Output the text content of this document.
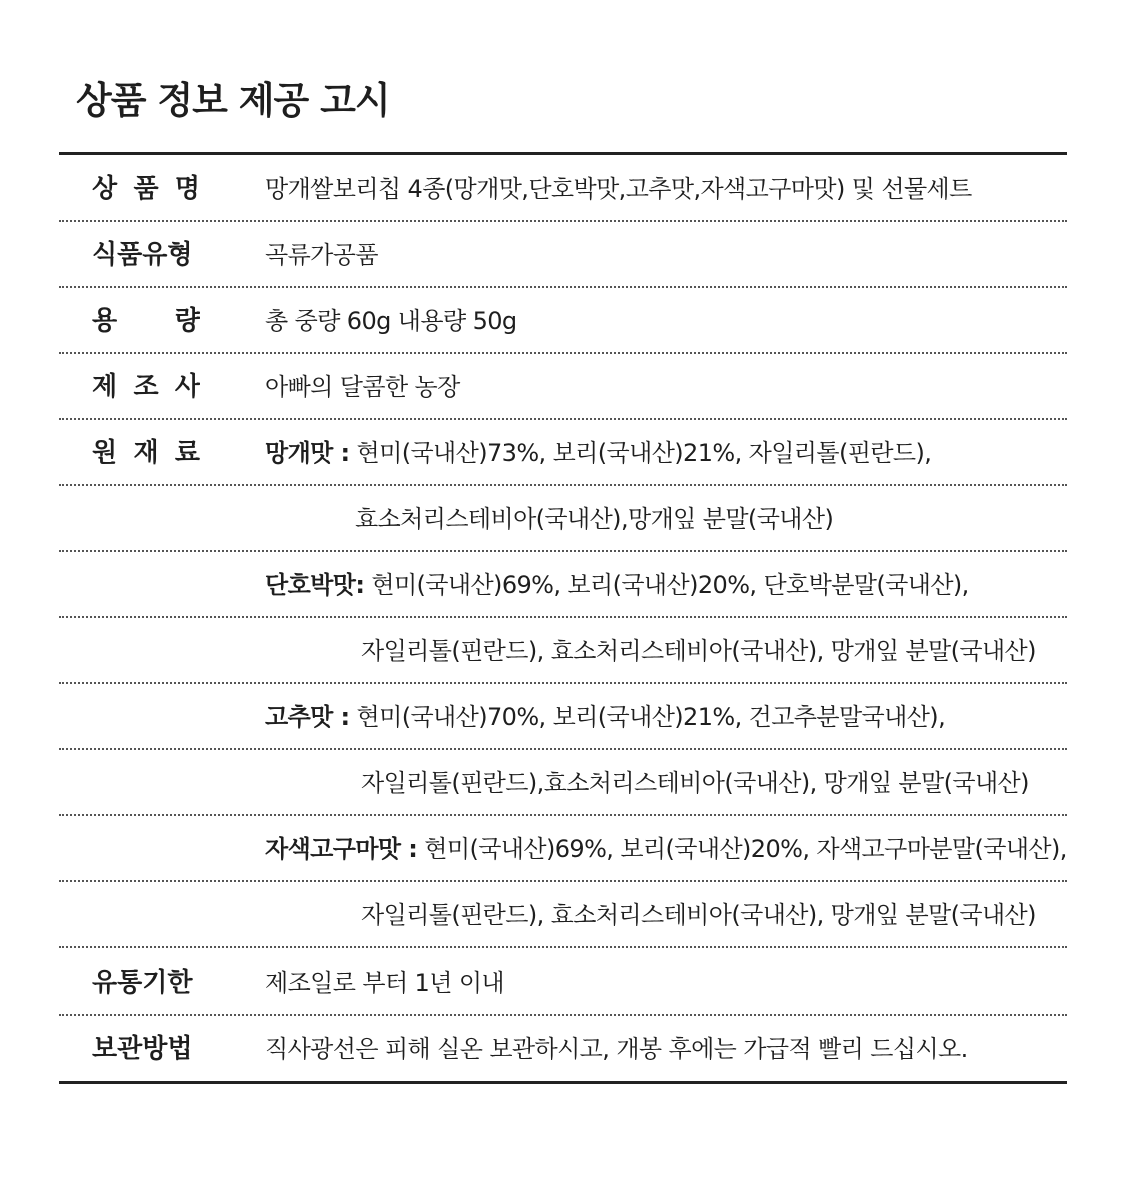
상품 정보 제공 고시
상 품 명	망개쌀보리칩 4종(망개맛,단호박맛,고추맛,자색고구마맛) 및 선물세트
식품유형	곡류가공품
용 량	총 중량 60g 내용량 50g
제 조 사	아빠의 달콤한 농장
원 재 료	망개맛 : 현미(국내산)73%, 보리(국내산)21%, 자일리톨(핀란드),
효소처리스테비아(국내산),망개잎 분말(국내산)
단호박맛: 현미(국내산)69%, 보리(국내산)20%, 단호박분말(국내산),
자일리톨(핀란드), 효소처리스테비아(국내산), 망개잎 분말(국내산)
고추맛 : 현미(국내산)70%, 보리(국내산)21%, 건고추분말국내산),
자일리톨(핀란드),효소처리스테비아(국내산), 망개잎 분말(국내산)
자색고구마맛 : 현미(국내산)69%, 보리(국내산)20%, 자색고구마분말(국내산),
자일리톨(핀란드), 효소처리스테비아(국내산), 망개잎 분말(국내산)
유통기한	제조일로 부터 1년 이내
보관방법	직사광선은 피해 실온 보관하시고, 개봉 후에는 가급적 빨리 드십시오.
